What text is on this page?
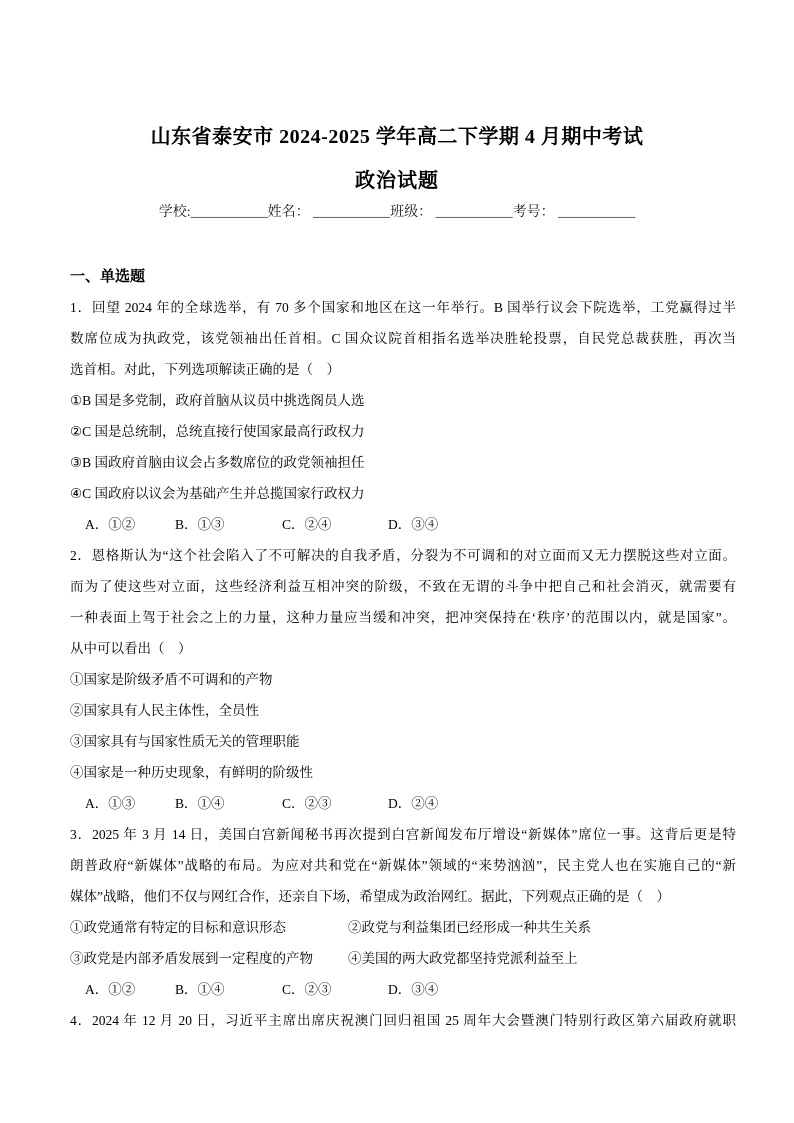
山东省泰安市 2024-2025 学年高二下学期 4 月期中考试
政治试题
学校:___________姓名： ___________班级： ___________考号： ___________
一、单选题
1．回望 2024 年的全球选举，有 70 多个国家和地区在这一年举行。B 国举行议会下院选举，工党赢得过半
数席位成为执政党，该党领袖出任首相。C 国众议院首相指名选举决胜轮投票，自民党总裁获胜，再次当
选首相。对此，下列选项解读正确的是（　）
①B 国是多党制，政府首脑从议员中挑选阁员人选
②C 国是总统制，总统直接行使国家最高行政权力
③B 国政府首脑由议会占多数席位的政党领袖担任
④C 国政府以议会为基础产生并总揽国家行政权力
A．①②	B．①③	C．②④	D．③④
2．恩格斯认为“这个社会陷入了不可解决的自我矛盾，分裂为不可调和的对立面而又无力摆脱这些对立面。
而为了使这些对立面，这些经济利益互相冲突的阶级，不致在无谓的斗争中把自己和社会消灭，就需要有
一种表面上驾于社会之上的力量，这种力量应当缓和冲突，把冲突保持在‘秩序’的范围以内，就是国家”。
从中可以看出（　）
①国家是阶级矛盾不可调和的产物
②国家具有人民主体性，全员性
③国家具有与国家性质无关的管理职能
④国家是一种历史现象，有鲜明的阶级性
A．①③	B．①④	C．②③	D．②④
3．2025 年 3 月 14 日，美国白宫新闻秘书再次提到白宫新闻发布厅增设“新媒体”席位一事。这背后更是特
朗普政府“新媒体”战略的布局。为应对共和党在“新媒体”领域的“来势汹汹”，民主党人也在实施自己的“新
媒体”战略，他们不仅与网红合作，还亲自下场，希望成为政治网红。据此，下列观点正确的是（　）
①政党通常有特定的目标和意识形态	②政党与利益集团已经形成一种共生关系
③政党是内部矛盾发展到一定程度的产物	④美国的两大政党都坚持党派利益至上
A．①②	B．①④	C．②③	D．③④
4．2024 年 12 月 20 日，习近平主席出席庆祝澳门回归祖国 25 周年大会暨澳门特别行政区第六届政府就职
